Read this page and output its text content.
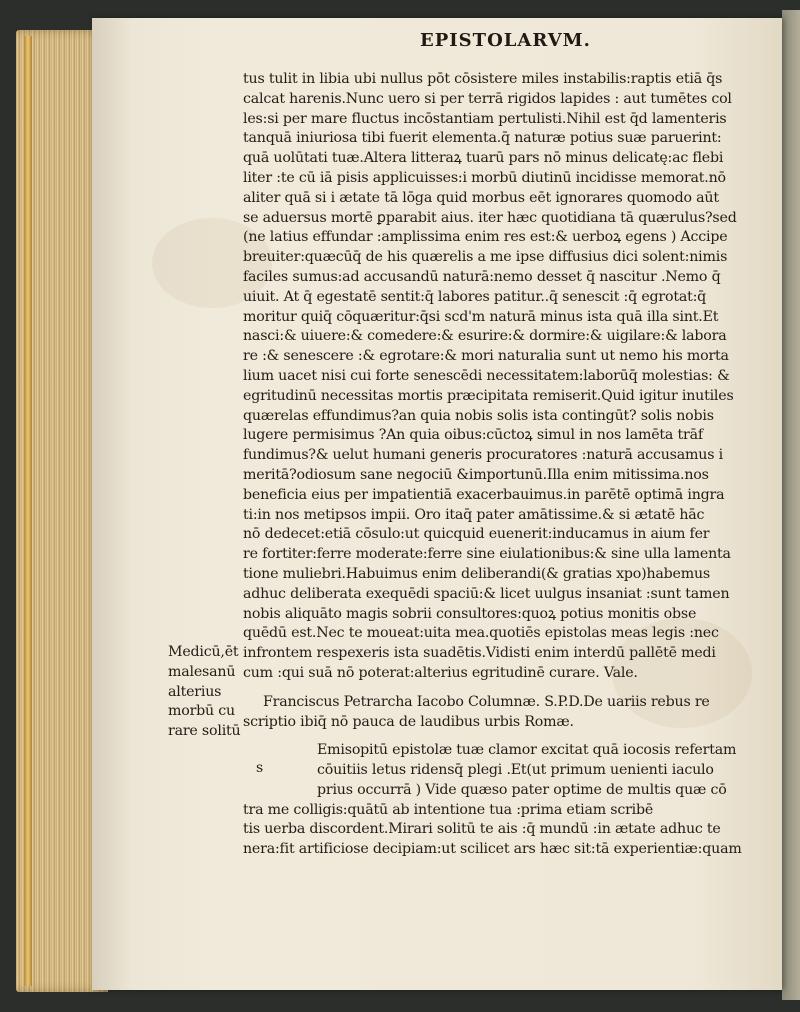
EPISTOLARVM.
tus tulit in libia ubi nullus pōt cōsistere miles instabilis:raptis etiā q̄s
calcat harenis.Nunc uero si per terrā rigidos lapides : aut tumētes col
les:si per mare fluctus incōstantiam pertulisti.Nihil est q̄d lamenteris
tanquā iniuriosa tibi fuerit elementa.q̄ naturæ potius suæ paruerint:
quā uolūtati tuæ.Altera litteraꝝ tuarū pars nō minus delicatę:ac flebi
liter :te cū iā pisis applicuisses:i morbū diutinū incidisse memorat.nō
aliter quā si i ætate tā lōga quid morbus eēt ignorares quomodo aūt
se aduersus mortē ꝑparabit aius. iter hæc quotidiana tā quærulus?sed
(ne latius effundar :amplissima enim res est:& uerboꝝ egens ) Accipe
breuiter:quæcūq̄ de his quærelis a me ipse diffusius dici solent:nimis
faciles sumus:ad accusandū naturā:nemo desset q̄ nascitur .Nemo q̄
uiuit. At q̄ egestatē sentit:q̄ labores patitur..q̄ senescit :q̄ egrotat:q̄
moritur quiq̄ cōquæritur:q̄si scd'm naturā minus ista quā illa sint.Et
nasci:& uiuere:& comedere:& esurire:& dormire:& uigilare:& labora
re :& senescere :& egrotare:& mori naturalia sunt ut nemo his morta
lium uacet nisi cui forte senescēdi necessitatem:laborūq̄ molestias: &
egritudinū necessitas mortis præcipitata remiserit.Quid igitur inutiles
quærelas effundimus?an quia nobis solis ista contingūt? solis nobis
lugere permisimus ?An quia oibus:cūctoꝝ simul in nos lamēta trāf
fundimus?& uelut humani generis procuratores :naturā accusamus i
meritā?odiosum sane negociū &importunū.Illa enim mitissima.nos
beneficia eius per impatientiā exacerbauimus.in parētē optimā ingra
ti:in nos metipsos impii. Oro itaq̄ pater amātissime.& si ætatē hāc
nō dedecet:etiā cōsulo:ut quicquid euenerit:inducamus in aium fer
re fortiter:ferre moderate:ferre sine eiulationibus:& sine ulla lamenta
tione muliebri.Habuimus enim deliberandi(& gratias xpo)habemus
adhuc deliberata exequēdi spaciū:& licet uulgus insaniat :sunt tamen
nobis aliquāto magis sobrii consultores:quoꝝ potius monitis obse
quēdū est.Nec te moueat:uita mea.quotiēs epistolas meas legis :nec
infrontem respexeris ista suadētis.Vidisti enim interdū pallētē medi
cum :qui suā nō poterat:alterius egritudinē curare. Vale.
Franciscus Petrarcha Iacobo Columnæ. S.P.D.De uariis rebus re
scriptio ibiq̄ nō pauca de laudibus urbis Romæ.
Emisopitū epistolæ tuæ clamor excitat quā iocosis refertam
cōuitiis letus ridensq̄ plegi .Et(ut primum uenienti iaculo
prius occurrā ) Vide quæso pater optime de multis quæ cō
tra me colligis:quātū ab intentione tua :prima etiam scribē
tis uerba discordent.Mirari solitū te ais :q̄ mundū :in ætate adhuc te
nera:fit artificiose decipiam:ut scilicet ars hæc sit:tā experientiæ:quam
Medicū,ēt
malesanū
alterius
morbū cu
rare solitū
s
